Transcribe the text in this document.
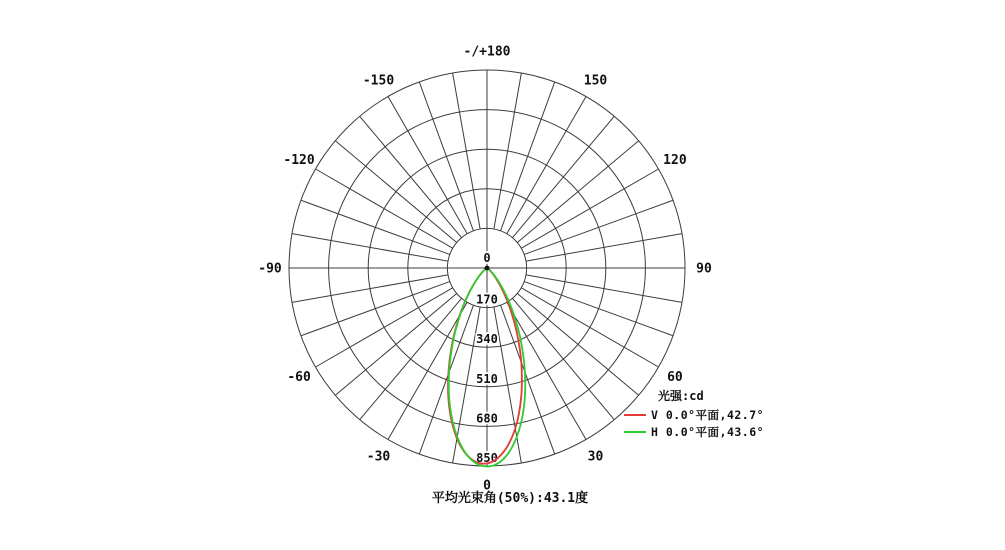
-/+180
-150	150
-120	120
-90	90
-60	60
-30	30
0
0
170
340
510
680
850
光强:cd
V 0.0°平面,42.7°
H 0.0°平面,43.6°
平均光束角(50%):43.1度
